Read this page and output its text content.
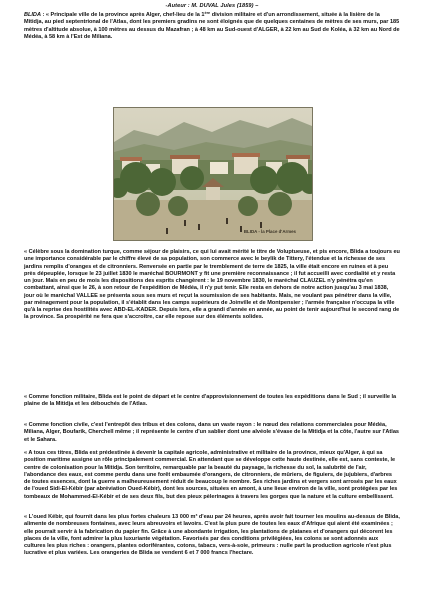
-Auteur : M. DUVAL Jules (1859) –

BLIDA : « Principale ville de la province après Alger, chef-lieu de la 1ère division militaire et d'un arrondissement, située à la lisière de la Mitidja, au pied septentrional de l'Atlas, dont les premiers gradins ne sont éloignés que de quelques centaines de mètres de ses murs, par 185 mètres d'altitude absolue, à 100 mètres au dessus du Mazafran ; à 48 km au Sud-ouest d'ALGER, à 22 km au Sud de Koléa, à 32 km au Nord de Médéa, à 58 km à l'Est de Miliana.

BLIDA - la Place d'Armes

« Célèbre sous la domination turque, comme séjour de plaisirs, ce qui lui avait mérité le titre de Voluptueuse, et pis encore, Blida a toujours eu une importance considérable par le chiffre élevé de sa population, son commerce avec le beylik de Tittery, l'étendue et la richesse de ses jardins remplis d'oranges et de citronniers. Renversée en partie par le tremblement de terre de 1825, la ville était encore en ruines et à peu près dépeuplée, lorsque le 23 juillet 1830 le maréchal BOURMONT y fit une première reconnaissance ; il fut accueilli avec cordialité et y resta un jour. Mais en peu de mois les dispositions des esprits changèrent : le 19 novembre 1830, le maréchal CLAUZEL n'y pénétra qu'en combattant, ainsi que le 26, à son retour de l'expédition de Médéa, il n'y put tenir. Elle resta en dehors de notre action jusqu'au 3 mai 1838, jour où le maréchal VALLEE se présenta sous ses murs et reçut la soumission de ses habitants. Mais, ne voulant pas pénétrer dans la ville, par ménagement pour la population, il s'établit dans les camps supérieurs de Joinville et de Montpensier ; l'armée française n'occupa la ville qu'à la reprise des hostilités avec ABD-EL-KADER. Depuis lors, elle a grandi d'année en année, au point de tenir aujourd'hui le second rang de la province. Sa prospérité ne fera que s'accroître, car elle repose sur des éléments solides.

« Comme fonction militaire, Blida est le point de départ et le centre d'approvisionnement de toutes les expéditions dans le Sud ; il surveille la plaine de la Mitidja et les débouchés de l'Atlas.

« Comme fonction civile, c'est l'entrepôt des tribus et des colons, dans un vaste rayon : le nœud des relations commerciales pour Médéa, Miliana, Alger, Boufarik, Cherchell même ; il représente le centre d'un sablier dont une alvéole s'évase de la Mitidja et la côte, l'autre sur l'Atlas et le Sahara.

« A tous ces titres, Blida est prédestinée à devenir la capitale agricole, administrative et militaire de la province, mieux qu'Alger, à qui sa position maritime assigne un rôle principalement commercial. En attendant que se développe cette haute destinée, elle est, sans conteste, le centre de colonisation pour la Mitidja. Son territoire, remarquable par la beauté du paysage, la richesse du sol, la salubrité de l'air, l'abondance des eaux, est comme perdu dans une forêt embaumée d'orangers, de citronniers, de mûriers, de figuiers, de jujubiers, d'arbres de toutes essences, dont la guerre a malheureusement réduit de beaucoup le nombre. Ses riches jardins et vergers sont arrosés par les eaux de l'oued Sidi-El-Kébir (par abréviation Oued-Kébir), dont les sources, situées en amont, à une lieue environ de la ville, sont protégées par les tombeaux de Mohammed-El-Kébir et de ses deux fils, but des pieux pèlerinages à travers les gorges que la nature et la culture embellissent.

« L'oued Kébir, qui fournit dans les plus fortes chaleurs 13 000 m³ d'eau par 24 heures, après avoir fait tourner les moulins au-dessus de Blida, alimente de nombreuses fontaines, avec leurs abreuvoirs et lavoirs. C'est la plus pure de toutes les eaux d'Afrique qui aient été examinées ; elle pourrait servir à la fabrication du papier fin. Grâce à une abondante irrigation, les plantations de platanes et d'orangers qui décorent les places de la ville, font admirer la plus luxuriante végétation. Favorisés par des conditions privilégiées, les colons se sont adonnés aux cultures les plus riches : orangers, plantes odoriférantes, cotons, tabacs, vers-à-soie, primeurs : nulle part la production agricole n'est plus lucrative et plus variées. Les orangeries de Blida se vendent 6 et 7 000 francs l'hectare.
